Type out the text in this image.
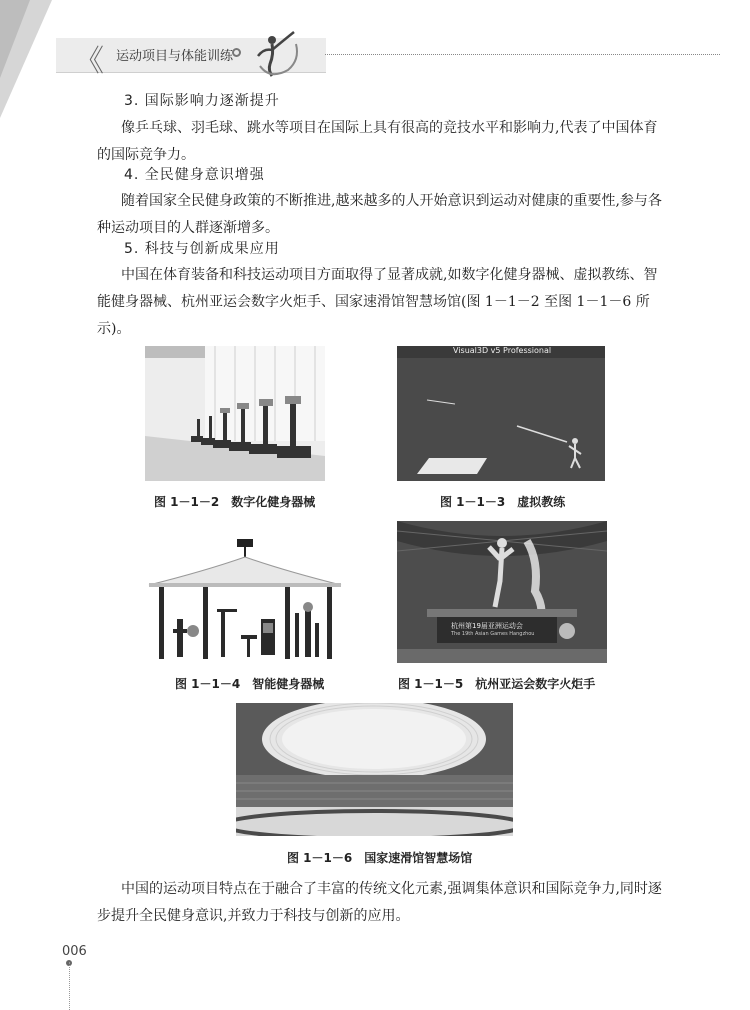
《 运动项目与体能训练
3. 国际影响力逐渐提升
像乒乓球、羽毛球、跳水等项目在国际上具有很高的竞技水平和影响力,代表了中国体育的国际竞争力。
4. 全民健身意识增强
随着国家全民健身政策的不断推进,越来越多的人开始意识到运动对健康的重要性,参与各种运动项目的人群逐渐增多。
5. 科技与创新成果应用
中国在体育装备和科技运动项目方面取得了显著成就,如数字化健身器械、虚拟教练、智能健身器械、杭州亚运会数字火炬手、国家速滑馆智慧场馆(图 1－1－2 至图 1－1－6 所示)。
图 1－1－2　数字化健身器械
Visual3D v5 Professional
图 1－1－3　虚拟教练
图 1－1－4　智能健身器械
杭州第19届亚洲运动会
The 19th Asian Games Hangzhou
图 1－1－5　杭州亚运会数字火炬手
图 1－1－6　国家速滑馆智慧场馆
中国的运动项目特点在于融合了丰富的传统文化元素,强调集体意识和国际竞争力,同时逐步提升全民健身意识,并致力于科技与创新的应用。
006
